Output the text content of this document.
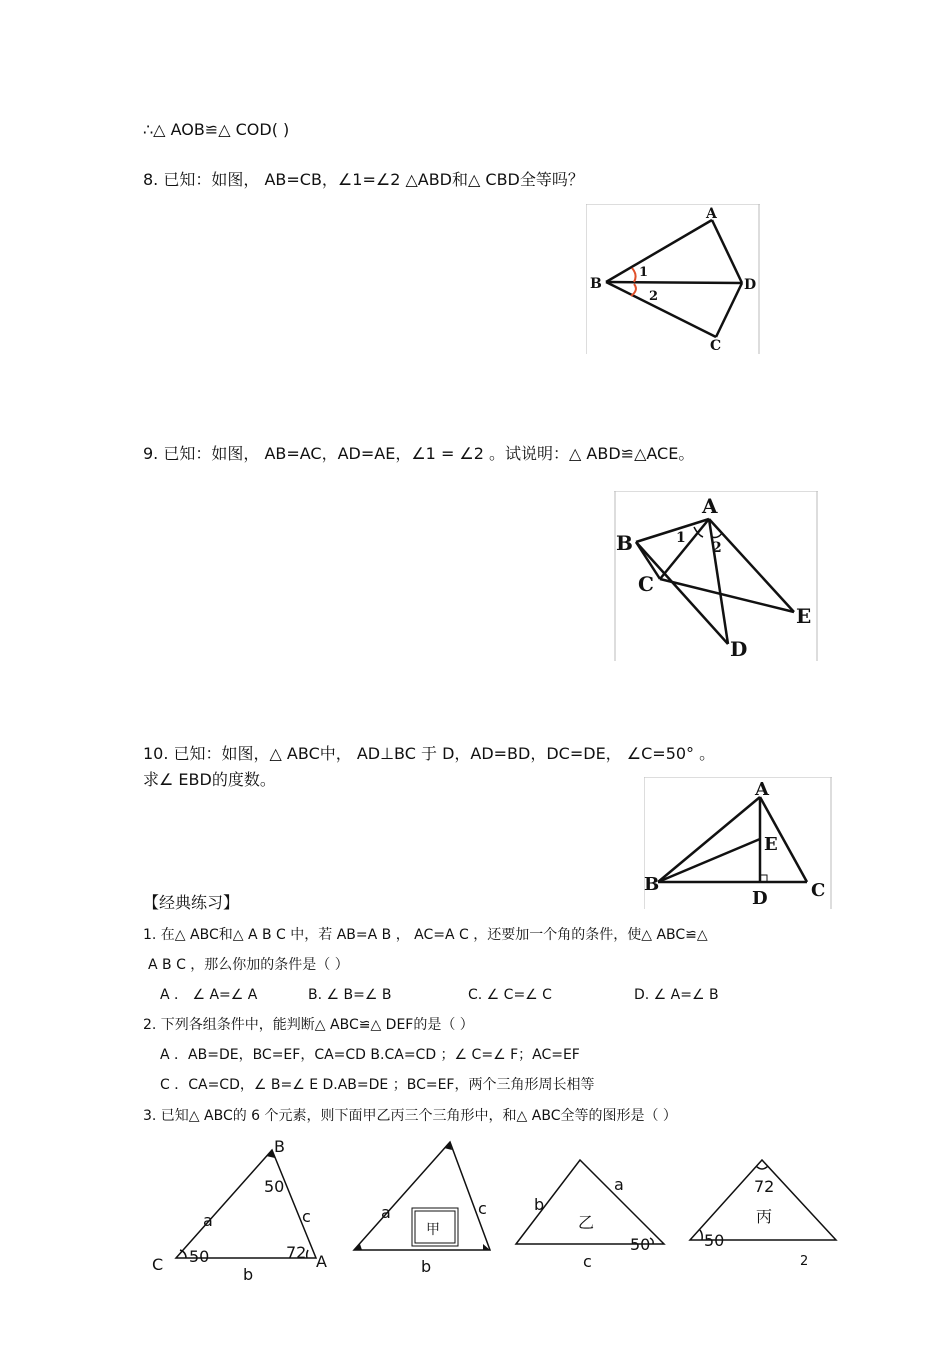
∴△ AOB≌△ COD( )
8. 已知：如图， AB=CB，∠1=∠2 △ABD和△ CBD全等吗？
9. 已知：如图， AB=AC，AD=AE，∠1 = ∠2 。试说明：△ ABD≌△ACE。
10. 已知：如图，△ ABC中， AD⊥BC 于 D，AD=BD，DC=DE， ∠C=50° 。
求∠ EBD的度数。
【经典练习】
1. 在△ ABC和△ A B C 中，若 AB=A B ， AC=A C ，还要加一个角的条件，使△ ABC≌△
A B C ，那么你加的条件是（ ）
A ． ∠ A=∠ A	B. ∠ B=∠ B	C. ∠ C=∠ C	D. ∠ A=∠ B
2. 下列各组条件中，能判断△ ABC≌△ DEF的是（ ）
A ．AB=DE，BC=EF，CA=CD B.CA=CD ；∠ C=∠ F；AC=EF
C ．CA=CD，∠ B=∠ E D.AB=DE ；BC=EF，两个三角形周长相等
3. 已知△ ABC的 6 个元素，则下面甲乙丙三个三角形中，和△ ABC全等的图形是（ ）
A
B
C
D
1
2
A
B
C
D
E
1
2
A
B	C
D
E
B
C	A
a
b
c
50
50	72
甲
a
b
c
乙
a
b
c
50
72
丙
50
2
